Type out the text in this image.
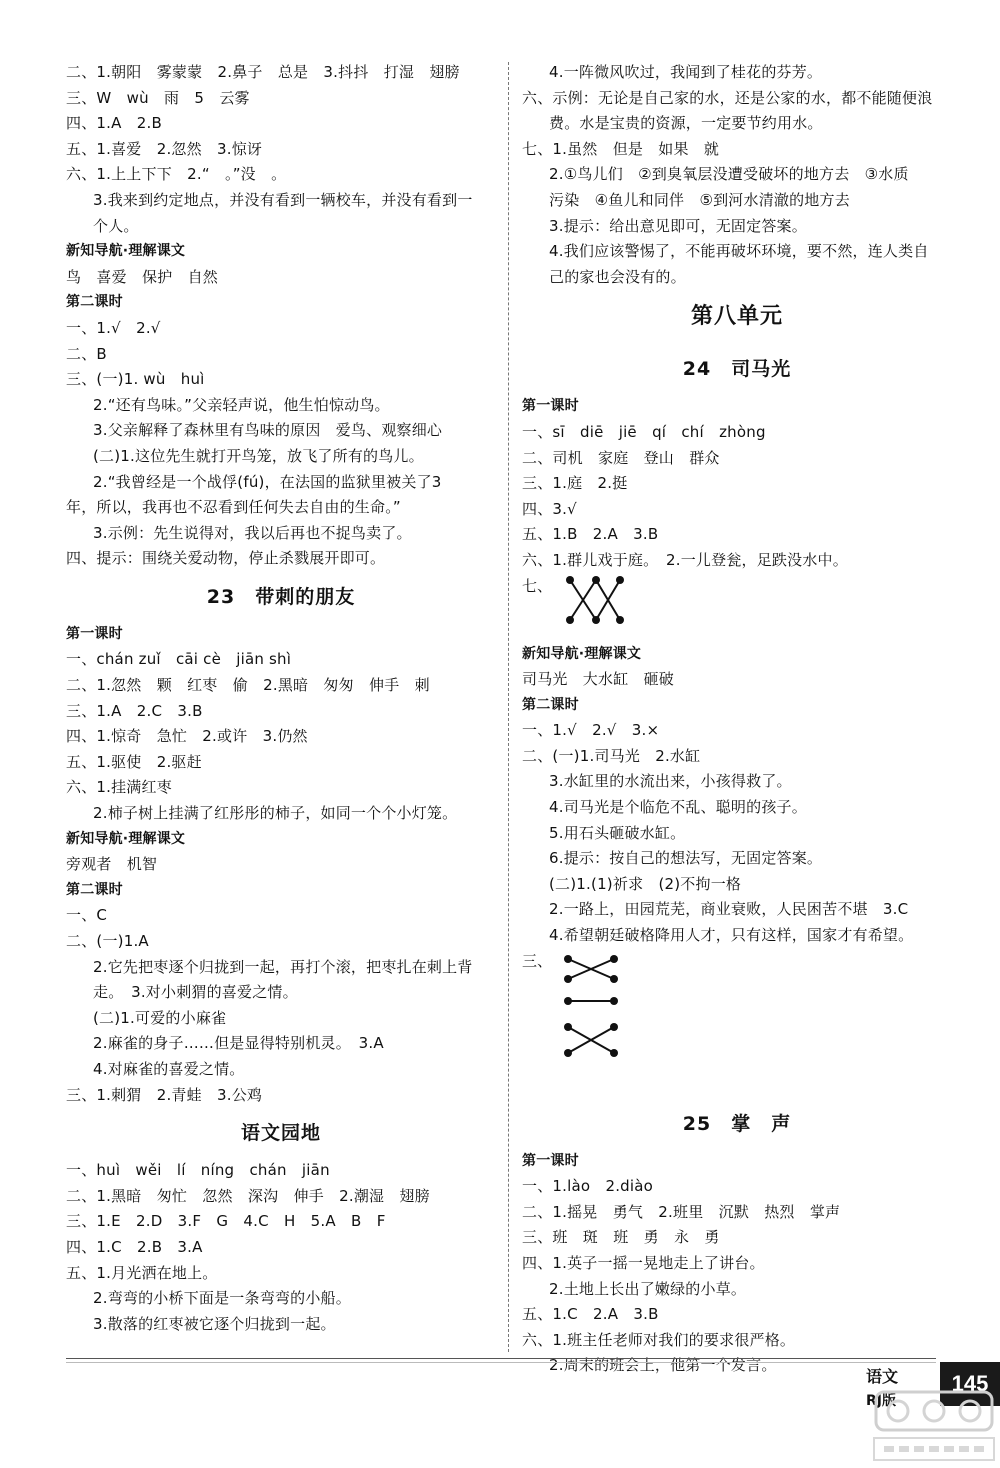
二、1.朝阳　雾蒙蒙　2.鼻子　总是　3.抖抖　打湿　翅膀
三、W　wù　雨　5　云雾
四、1.A　2.B
五、1.喜爱　2.忽然　3.惊讶
六、1.上上下下　2.“　。”没　。
3.我来到约定地点，并没有看到一辆校车，并没有看到一
个人。
新知导航·理解课文
鸟　喜爱　保护　自然
第二课时
一、1.√　2.√
二、B
三、(一)1. wù　huì
2.“还有鸟味。”父亲轻声说，他生怕惊动鸟。
3.父亲解释了森林里有鸟味的原因　爱鸟、观察细心
(二)1.这位先生就打开鸟笼，放飞了所有的鸟儿。
2.“我曾经是一个战俘(fú)，在法国的监狱里被关了3
年，所以，我再也不忍看到任何失去自由的生命。”
3.示例：先生说得对，我以后再也不捉鸟卖了。
四、提示：围绕关爱动物，停止杀戮展开即可。
23　带刺的朋友
第一课时
一、chán zuǐ　cāi cè　jiān shì
二、1.忽然　颗　红枣　偷　2.黑暗　匆匆　伸手　刺
三、1.A　2.C　3.B
四、1.惊奇　急忙　2.或许　3.仍然
五、1.驱使　2.驱赶
六、1.挂满红枣
2.柿子树上挂满了红彤彤的柿子，如同一个个小灯笼。
新知导航·理解课文
旁观者　机智
第二课时
一、C
二、(一)1.A
2.它先把枣逐个归拢到一起，再打个滚，把枣扎在刺上背
走。　3.对小刺猬的喜爱之情。
(二)1.可爱的小麻雀
2.麻雀的身子……但是显得特别机灵。　3.A
4.对麻雀的喜爱之情。
三、1.刺猬　2.青蛙　3.公鸡
语文园地
一、huì　wěi　lí　níng　chán　jiān
二、1.黑暗　匆忙　忽然　深沟　伸手　2.潮湿　翅膀
三、1.E　2.D　3.F　G　4.C　H　5.A　B　F
四、1.C　2.B　3.A
五、1.月光洒在地上。
2.弯弯的小桥下面是一条弯弯的小船。
3.散落的红枣被它逐个归拢到一起。
4.一阵微风吹过，我闻到了桂花的芬芳。
六、示例：无论是自己家的水，还是公家的水，都不能随便浪
费。水是宝贵的资源，一定要节约用水。
七、1.虽然　但是　如果　就
2.①鸟儿们　②到臭氧层没遭受破坏的地方去　③水质
污染　④鱼儿和同伴　⑤到河水清澈的地方去
3.提示：给出意见即可，无固定答案。
4.我们应该警惕了，不能再破坏环境，要不然，连人类自
己的家也会没有的。
第八单元
24　司马光
第一课时
一、sī　diē　jiē　qí　chí　zhòng
二、司机　家庭　登山　群众
三、1.庭　2.挺
四、3.√
五、1.B　2.A　3.B
六、1.群儿戏于庭。　2.一儿登瓮，足跌没水中。
七、
新知导航·理解课文
司马光　大水缸　砸破
第二课时
一、1.√　2.√　3.×
二、(一)1.司马光　2.水缸
3.水缸里的水流出来，小孩得救了。
4.司马光是个临危不乱、聪明的孩子。
5.用石头砸破水缸。
6.提示：按自己的想法写，无固定答案。
(二)1.(1)祈求　(2)不拘一格
2.一路上，田园荒芜，商业衰败，人民困苦不堪　3.C
4.希望朝廷破格降用人才，只有这样，国家才有希望。
三、
25　掌　声
第一课时
一、1.lào　2.diào
二、1.摇晃　勇气　2.班里　沉默　热烈　掌声
三、班　斑　班　勇　永　勇
四、1.英子一摇一晃地走上了讲台。
2.土地上长出了嫩绿的小草。
五、1.C　2.A　3.B
六、1.班主任老师对我们的要求很严格。
2.周末的班会上，他第一个发言。
语文
RJ版
145
